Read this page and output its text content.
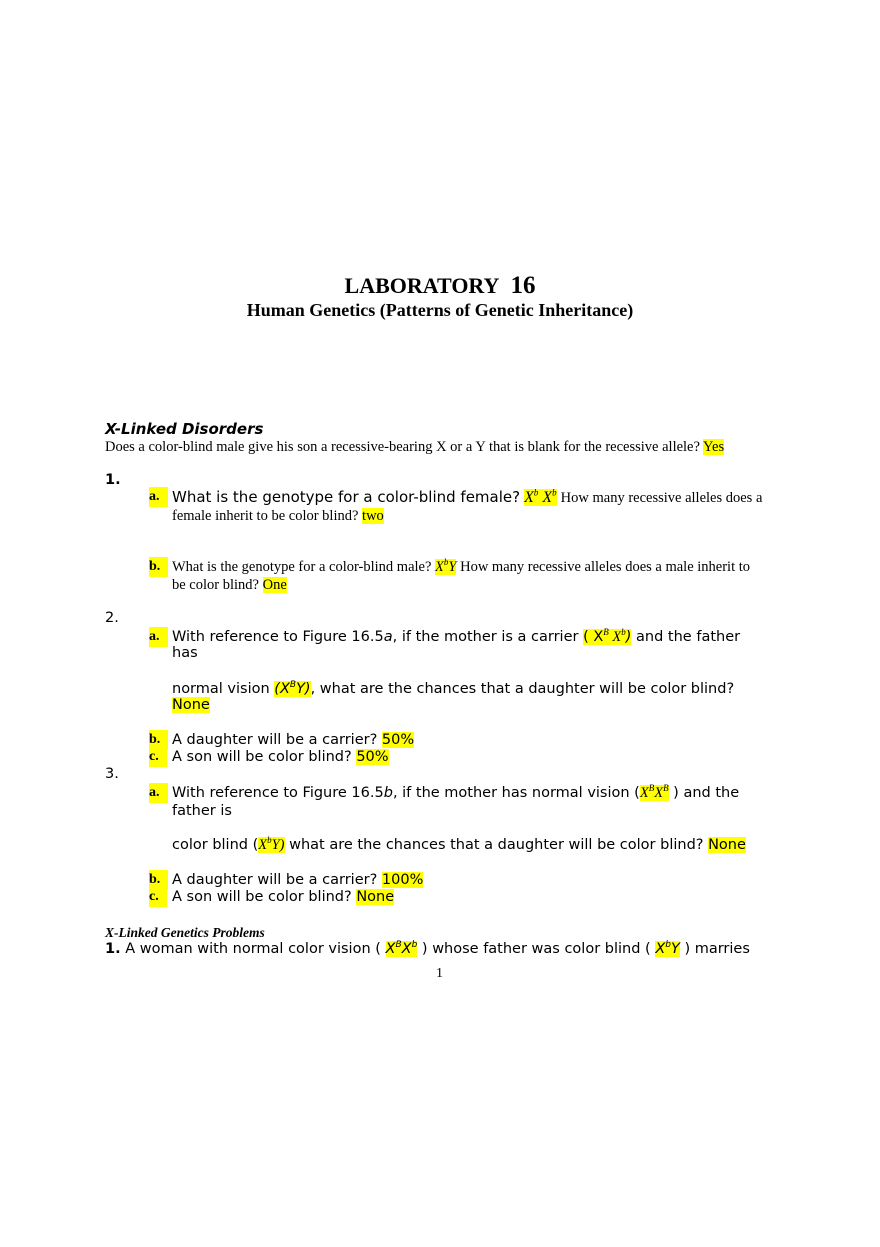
LABORATORY 16
Human Genetics (Patterns of Genetic Inheritance)
X-Linked Disorders
Does a color-blind male give his son a recessive-bearing X or a Y that is blank for the recessive allele? Yes
1.
a. What is the genotype for a color-blind female? $X^b$ $X^b$ How many recessive alleles does a
female inherit to be color blind? two
b. What is the genotype for a color-blind male? $X^bY$ How many recessive alleles does a male inherit to
be color blind? One
2.
a. With reference to Figure 16.5a, if the mother is a carrier ( $X^B$ $X^b$) and the father
has
normal vision $(X^BY)$, what are the chances that a daughter will be color blind?
None
b. A daughter will be a carrier? 50%
c. A son will be color blind? 50%
3.
a. With reference to Figure 16.5b, if the mother has normal vision ($X^BX^B$ ) and the
father is
color blind $(X^bY)$ what are the chances that a daughter will be color blind? None
b. A daughter will be a carrier? 100%
c. A son will be color blind? None
X-Linked Genetics Problems
1. A woman with normal color vision ( $X^BX^b$ ) whose father was color blind ( $X^bY$ ) marries
1
